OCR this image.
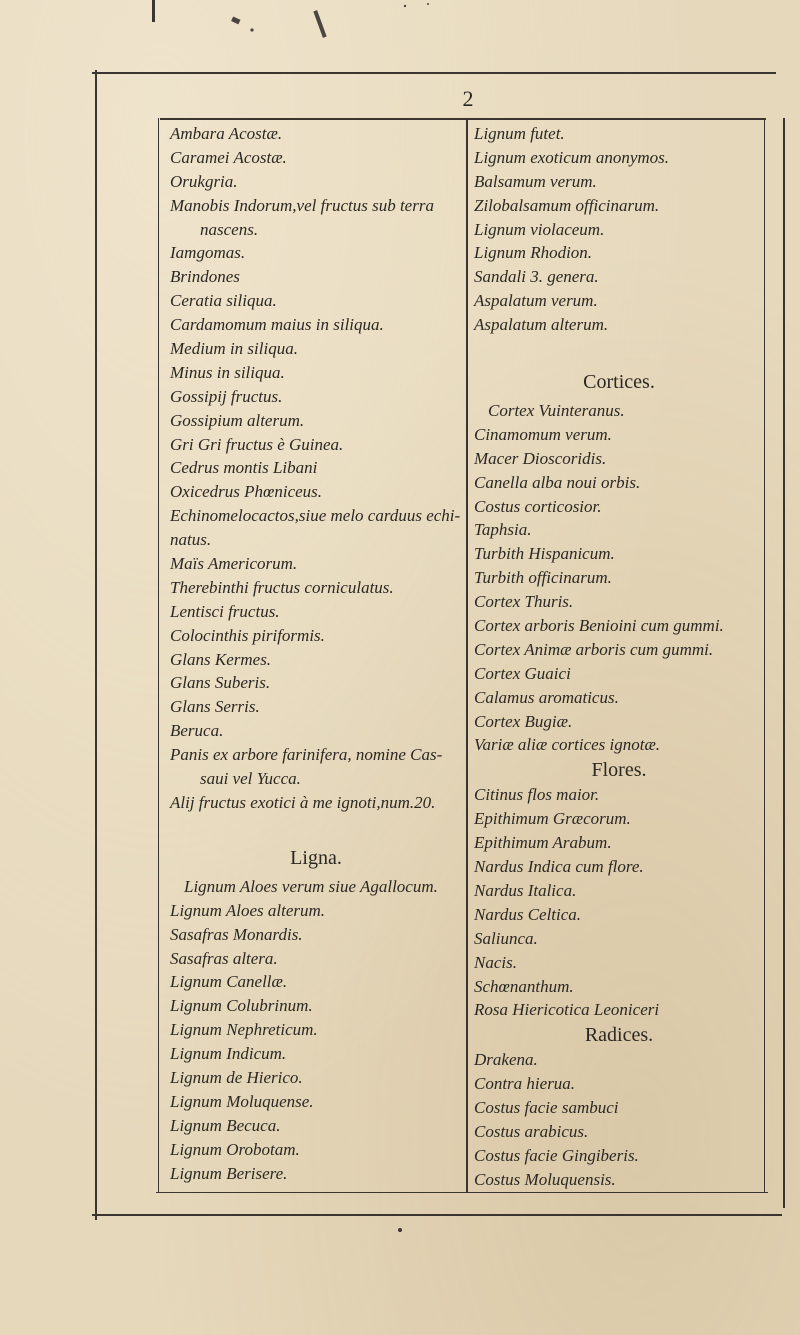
2
Ambara Acostæ.
Caramei Acostæ.
Orukgria.
Manobis Indorum,vel fructus sub terra
nascens.
Iamgomas.
Brindones
Ceratia siliqua.
Cardamomum maius in siliqua.
Medium in siliqua.
Minus in siliqua.
Gossipij fructus.
Gossipium alterum.
Gri Gri fructus è Guinea.
Cedrus montis Libani
Oxicedrus Phœniceus.
Echinomelocactos,siue melo carduus echi-
natus.
Maïs Americorum.
Therebinthi fructus corniculatus.
Lentisci fructus.
Colocinthis piriformis.
Glans Kermes.
Glans Suberis.
Glans Serris.
Beruca.
Panis ex arbore farinifera, nomine Cas-
saui vel Yucca.
Alij fructus exotici à me ignoti,num.20.
Ligna.
Lignum Aloes verum siue Agallocum.
Lignum Aloes alterum.
Sasafras Monardis.
Sasafras altera.
Lignum Canellæ.
Lignum Colubrinum.
Lignum Nephreticum.
Lignum Indicum.
Lignum de Hierico.
Lignum Moluquense.
Lignum Becuca.
Lignum Orobotam.
Lignum Berisere.
Lignum futet.
Lignum exoticum anonymos.
Balsamum verum.
Zilobalsamum officinarum.
Lignum violaceum.
Lignum Rhodion.
Sandali 3. genera.
Aspalatum verum.
Aspalatum alterum.
Cortices.
Cortex Vuinteranus.
Cinamomum verum.
Macer Dioscoridis.
Canella alba noui orbis.
Costus corticosior.
Taphsia.
Turbith Hispanicum.
Turbith officinarum.
Cortex Thuris.
Cortex arboris Benioini cum gummi.
Cortex Animæ arboris cum gummi.
Cortex Guaici
Calamus aromaticus.
Cortex Bugiæ.
Variæ aliæ cortices ignotæ.
Flores.
Citinus flos maior.
Epithimum Græcorum.
Epithimum Arabum.
Nardus Indica cum flore.
Nardus Italica.
Nardus Celtica.
Saliunca.
Nacis.
Schœnanthum.
Rosa Hiericotica Leoniceri
Radices.
Drakena.
Contra hierua.
Costus facie sambuci
Costus arabicus.
Costus facie Gingiberis.
Costus Moluquensis.
